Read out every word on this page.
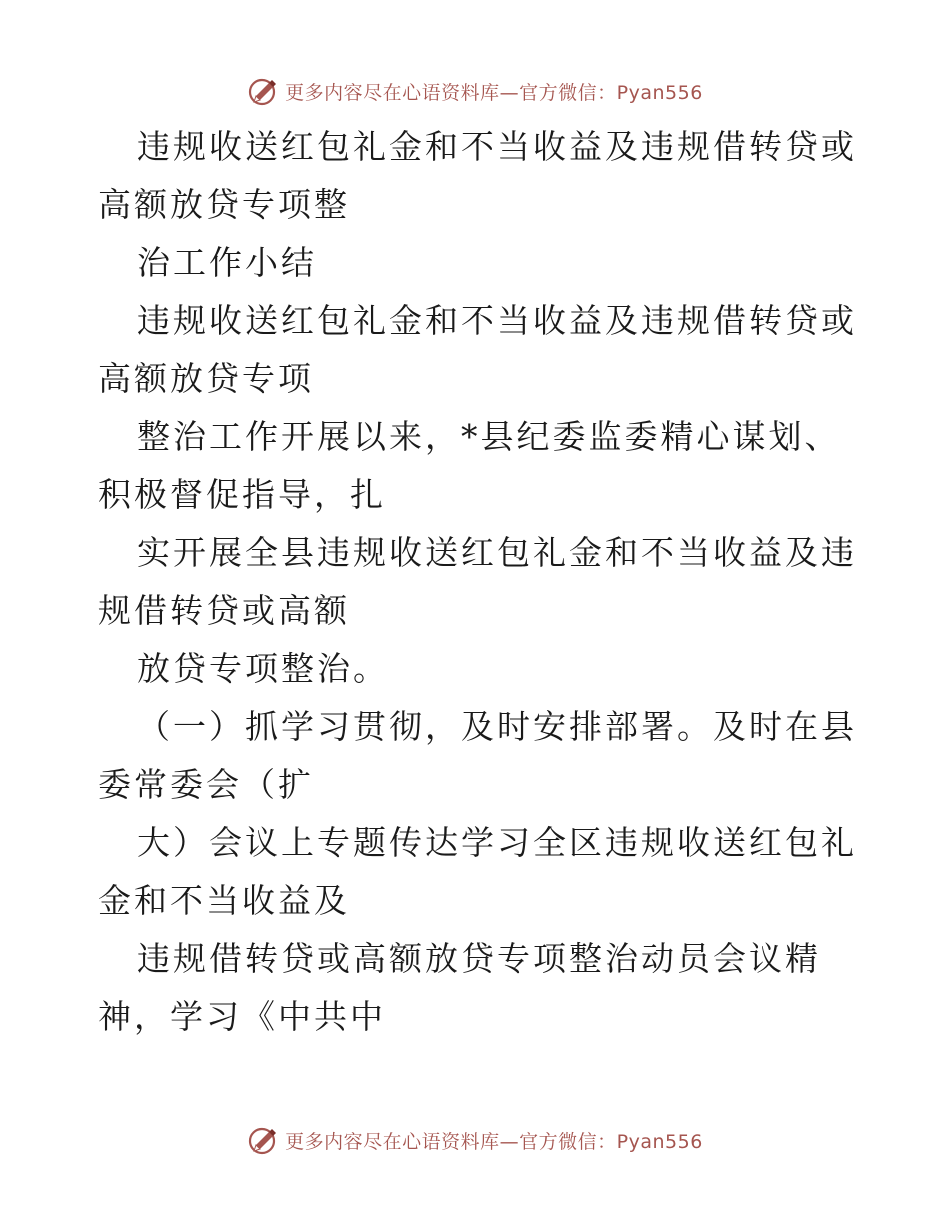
更多内容尽在心语资料库—官方微信：Pyan556

违规收送红包礼金和不当收益及违规借转贷或高额放贷专项整

治工作小结

违规收送红包礼金和不当收益及违规借转贷或高额放贷专项

整治工作开展以来，*县纪委监委精心谋划、积极督促指导，扎

实开展全县违规收送红包礼金和不当收益及违规借转贷或高额

放贷专项整治。

（一）抓学习贯彻，及时安排部署。及时在县委常委会（扩

大）会议上专题传达学习全区违规收送红包礼金和不当收益及

违规借转贷或高额放贷专项整治动员会议精神，学习《中共中

更多内容尽在心语资料库—官方微信：Pyan556
